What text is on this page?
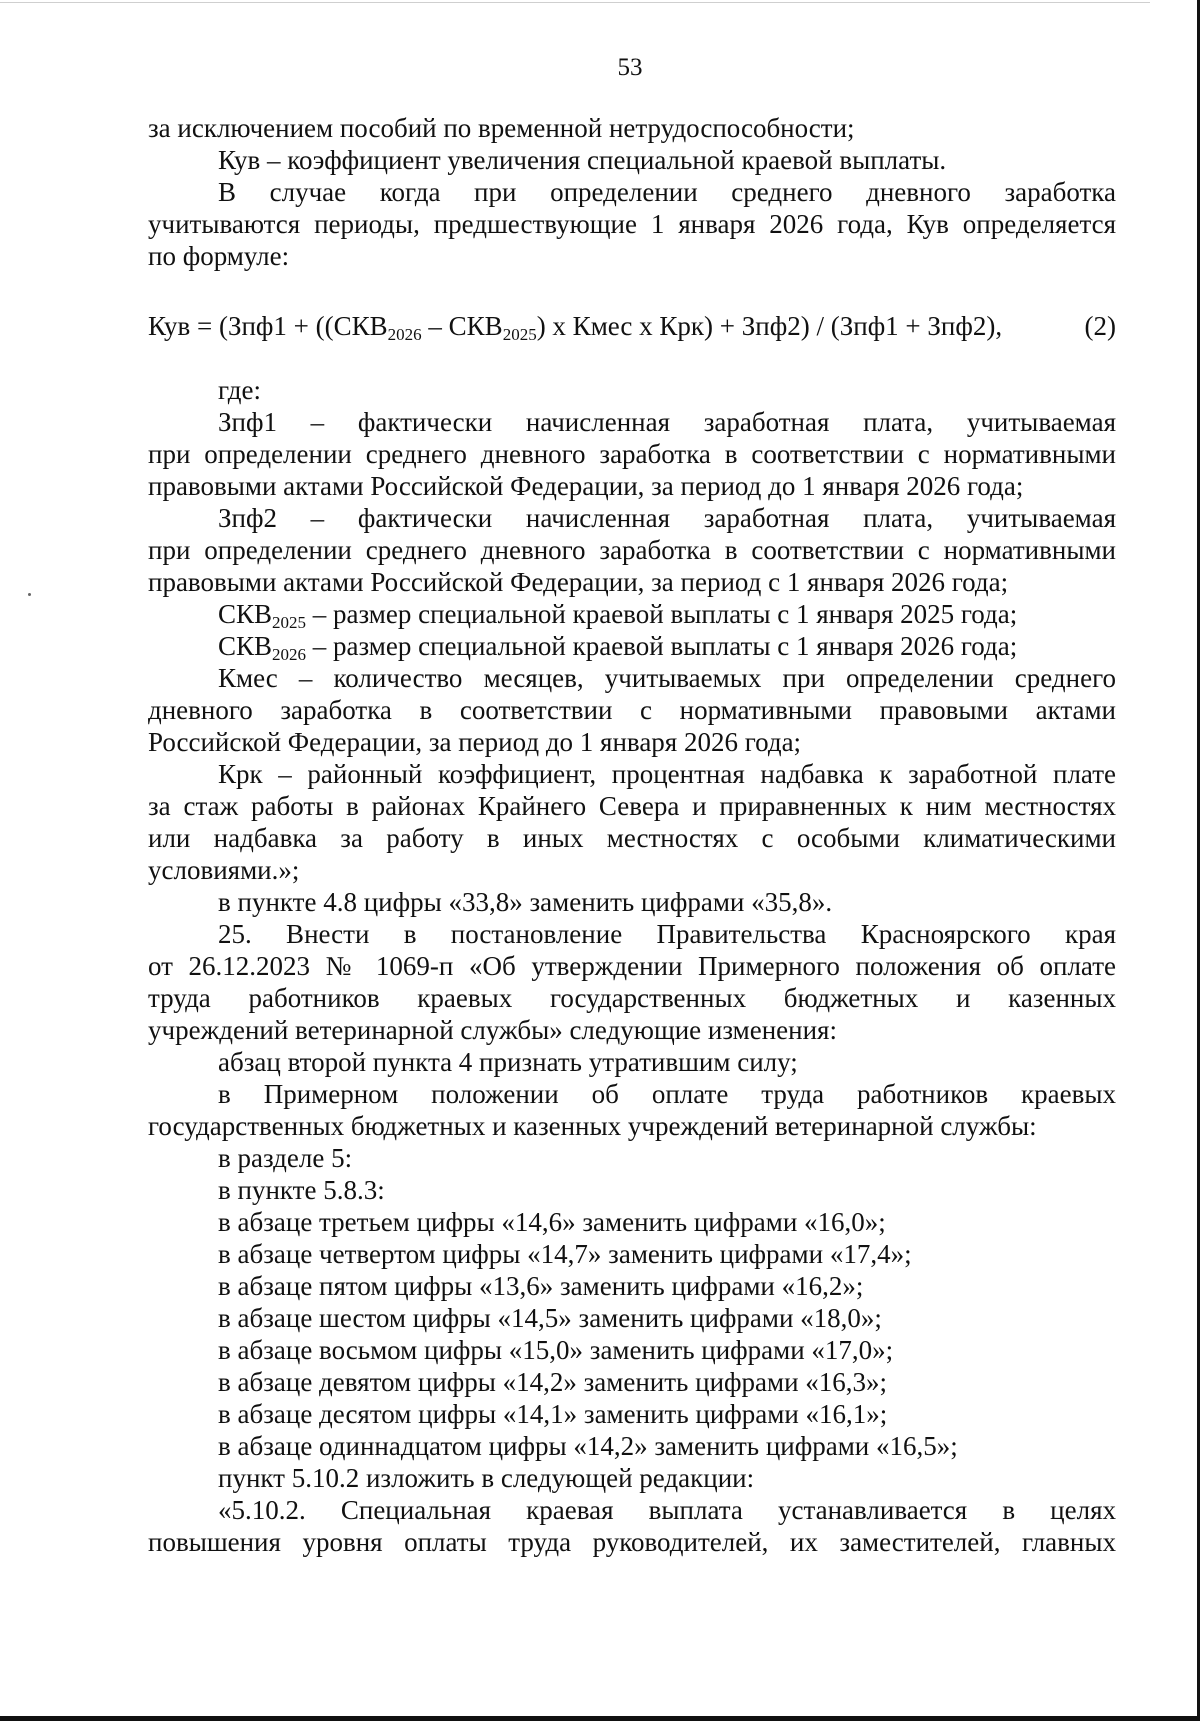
53
за исключением пособий по временной нетрудоспособности;
Кув – коэффициент увеличения специальной краевой выплаты.
В случае когда при определении среднего дневного заработка
учитываются периоды, предшествующие 1 января 2026 года, Кув определяется
по формуле:
Кув = ($Зпф1 + ((СКВ_{2026} - СКВ_{2025})$ х Кмес х Крк) + Зпф2) / (Зпф1 + Зпф2),	(2)
где:
Зпф1 – фактически начисленная заработная плата, учитываемая
при определении среднего дневного заработка в соответствии с нормативными
правовыми актами Российской Федерации, за период до 1 января 2026 года;
Зпф2 – фактически начисленная заработная плата, учитываемая
при определении среднего дневного заработка в соответствии с нормативными
правовыми актами Российской Федерации, за период с 1 января 2026 года;
$СКВ_{2025}$ – размер специальной краевой выплаты с 1 января 2025 года;
$СКВ_{2026}$ – размер специальной краевой выплаты с 1 января 2026 года;
Кмес – количество месяцев, учитываемых при определении среднего
дневного заработка в соответствии с нормативными правовыми актами
Российской Федерации, за период до 1 января 2026 года;
Крк – районный коэффициент, процентная надбавка к заработной плате
за стаж работы в районах Крайнего Севера и приравненных к ним местностях
или надбавка за работу в иных местностях с особыми климатическими
условиями.»;
в пункте 4.8 цифры «33,8» заменить цифрами «35,8».
25. Внести в постановление Правительства Красноярского края
от 26.12.2023 № 1069-п «Об утверждении Примерного положения об оплате
труда работников краевых государственных бюджетных и казенных
учреждений ветеринарной службы» следующие изменения:
абзац второй пункта 4 признать утратившим силу;
в Примерном положении об оплате труда работников краевых
государственных бюджетных и казенных учреждений ветеринарной службы:
в разделе 5:
в пункте 5.8.3:
в абзаце третьем цифры «14,6» заменить цифрами «16,0»;
в абзаце четвертом цифры «14,7» заменить цифрами «17,4»;
в абзаце пятом цифры «13,6» заменить цифрами «16,2»;
в абзаце шестом цифры «14,5» заменить цифрами «18,0»;
в абзаце восьмом цифры «15,0» заменить цифрами «17,0»;
в абзаце девятом цифры «14,2» заменить цифрами «16,3»;
в абзаце десятом цифры «14,1» заменить цифрами «16,1»;
в абзаце одиннадцатом цифры «14,2» заменить цифрами «16,5»;
пункт 5.10.2 изложить в следующей редакции:
«5.10.2. Специальная краевая выплата устанавливается в целях
повышения уровня оплаты труда руководителей, их заместителей, главных
